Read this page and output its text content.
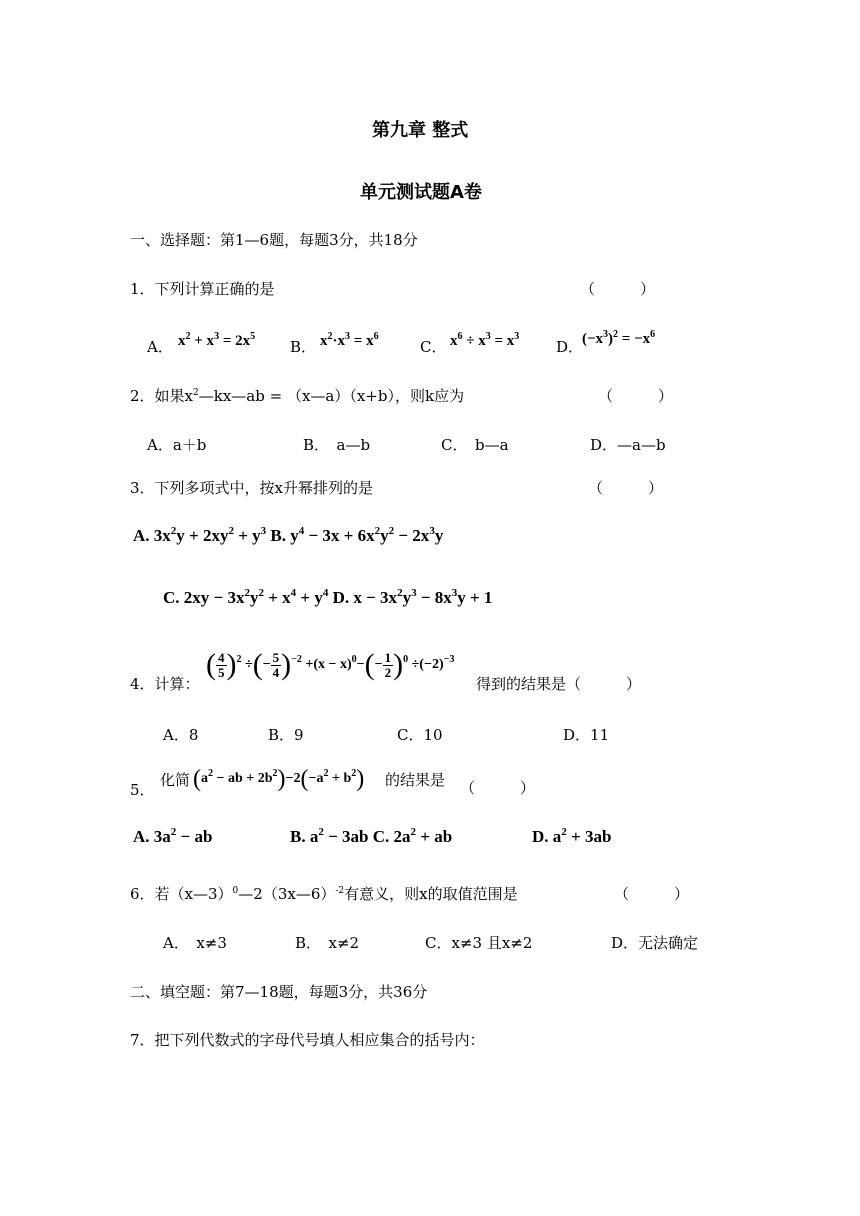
第九章 整式
单元测试题A卷
一、选择题：第1—6题，每题3分，共18分
1．下列计算正确的是	（　　　）
A． $x^2 + x^3 = 2x^5$
B． $x^2\cdot x^3 = x^6$
C． $x^6 \div x^3 = x^3$
D．
$(-x^3)^2 = -x^6$
2．如果$x^2—kx—ab$ = （x—a）（x+b），则k应为	（　　　）
A．a＋b	B．　a—b	C．　b—a	D．—a—b
3．下列多项式中，按x升幂排列的是	（　　　）
A. $3x^2y + 2xy^2 + y^3$ B. $y^4 - 3x + 6x^2y^2 - 2x^3y$
C. $2xy - 3x^2y^2 + x^4 + y^4$ D. $x - 3x^2y^3 - 8x^3y + 1$
4．计算：
( $\frac{4}{5} )^2$ ÷(− $\frac{5}{4} )^{-2} +(x - x)^0-(- \frac{1}{2} )^0 \div(-2)^{-3}$
得到的结果是（　　　）
A．8	B．9	C．10	D．11
5．
化简 ($a^2$ − ab + $2b^2)-2(-a^2 + b^2)$ 的结果是 （　　　）
A. $3a^2$ − ab	B. $a^2 - 3ab$ C. $2a^2$ + ab	D. $a^2 + 3ab$
6．若（x—3）$^0$—2（3x—6）$^{-2}$有意义，则x的取值范围是	（　　　）
A．　x≠3	B．　x≠2	C．x≠3 且x≠2	D．无法确定
二、填空题：第7—18题，每题3分，共36分
7．把下列代数式的字母代号填人相应集合的括号内：
